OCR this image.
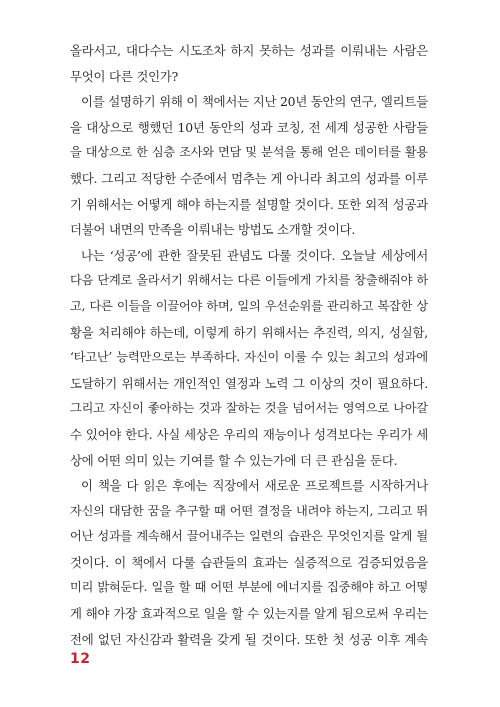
올라서고, 대다수는 시도조차 하지 못하는 성과를 이뤄내는 사람은
무엇이 다른 것인가?
이를 설명하기 위해 이 책에서는 지난 20년 동안의 연구, 엘리트들
을 대상으로 행했던 10년 동안의 성과 코칭, 전 세계 성공한 사람들
을 대상으로 한 심층 조사와 면담 및 분석을 통해 얻은 데이터를 활용
했다. 그리고 적당한 수준에서 멈추는 게 아니라 최고의 성과를 이루
기 위해서는 어떻게 해야 하는지를 설명할 것이다. 또한 외적 성공과
더불어 내면의 만족을 이뤄내는 방법도 소개할 것이다.
나는 ‘성공’에 관한 잘못된 관념도 다룰 것이다. 오늘날 세상에서
다음 단계로 올라서기 위해서는 다른 이들에게 가치를 창출해줘야 하
고, 다른 이들을 이끌어야 하며, 일의 우선순위를 관리하고 복잡한 상
황을 처리해야 하는데, 이렇게 하기 위해서는 추진력, 의지, 성실함,
‘타고난’ 능력만으로는 부족하다. 자신이 이룰 수 있는 최고의 성과에
도달하기 위해서는 개인적인 열정과 노력 그 이상의 것이 필요하다.
그리고 자신이 좋아하는 것과 잘하는 것을 넘어서는 영역으로 나아갈
수 있어야 한다. 사실 세상은 우리의 재능이나 성격보다는 우리가 세
상에 어떤 의미 있는 기여를 할 수 있는가에 더 큰 관심을 둔다.
이 책을 다 읽은 후에는 직장에서 새로운 프로젝트를 시작하거나
자신의 대담한 꿈을 추구할 때 어떤 결정을 내려야 하는지, 그리고 뛰
어난 성과를 계속해서 끌어내주는 일련의 습관은 무엇인지를 알게 될
것이다. 이 책에서 다룰 습관들의 효과는 실증적으로 검증되었음을
미리 밝혀둔다. 일을 할 때 어떤 부분에 에너지를 집중해야 하고 어떻
게 해야 가장 효과적으로 일을 할 수 있는지를 알게 됨으로써 우리는
전에 없던 자신감과 활력을 갖게 될 것이다. 또한 첫 성공 이후 계속
12
